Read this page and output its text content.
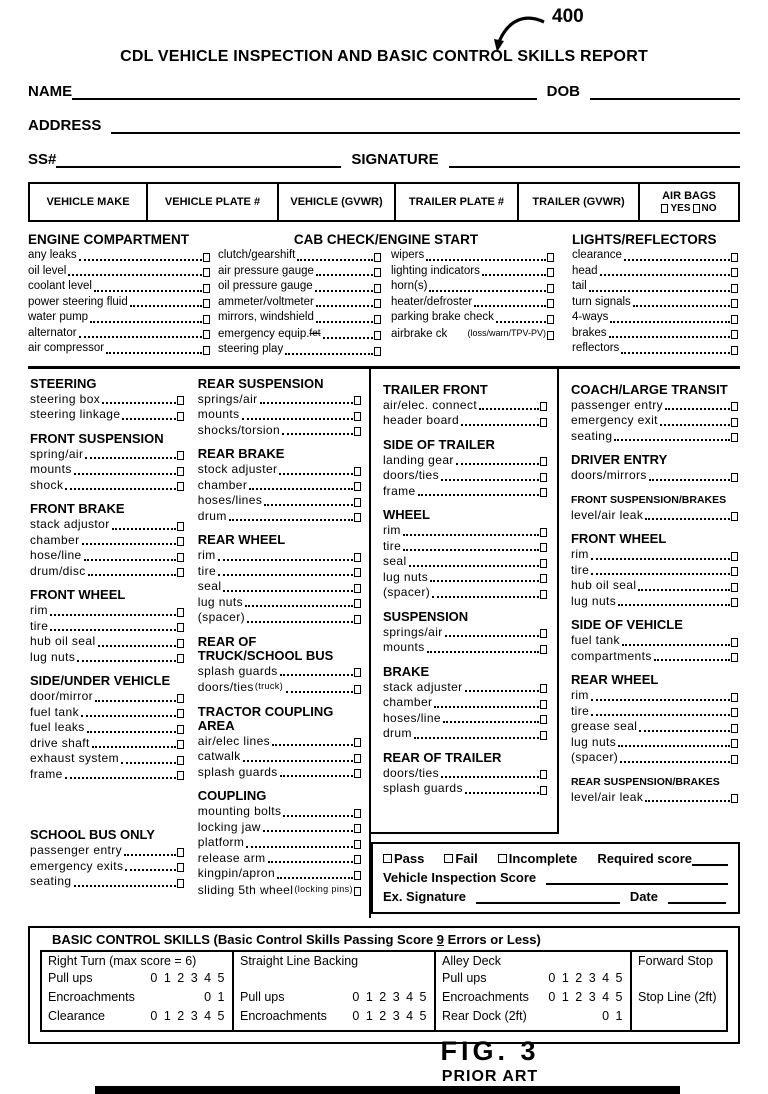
400
CDL VEHICLE INSPECTION AND BASIC CONTROL SKILLS REPORT
NAME	DOB
ADDRESS
SS#	SIGNATURE
VEHICLE MAKE	VEHICLE PLATE #	VEHICLE (GVWR)	TRAILER PLATE #	TRAILER (GVWR)	AIR BAGS
YES NO
ENGINE COMPARTMENT
any leaks
oil level
coolant level
power steering fluid
water pump
alternator
air compressor
CAB CHECK/ENGINE START
clutch/gearshift
air pressure gauge
oil pressure gauge
ammeter/voltmeter
mirrors, windshield
emergency equip. fet
steering play
wipers
lighting indicators
horn(s)
heater/defroster
parking brake check
airbrake ck (loss/warn/TPV-PV)
LIGHTS/REFLECTORS
clearance
head
tail
turn signals
4-ways
brakes
reflectors
STEERING
steering box
steering linkage
FRONT SUSPENSION
spring/air
mounts
shock
FRONT BRAKE
stack adjustor
chamber
hose/line
drum/disc
FRONT WHEEL
rim
tire
hub oil seal
lug nuts
SIDE/UNDER VEHICLE
door/mirror
fuel tank
fuel leaks
drive shaft
exhaust system
frame
SCHOOL BUS ONLY
passenger entry
emergency exits
seating
REAR SUSPENSION
springs/air
mounts
shocks/torsion
REAR BRAKE
stock adjuster
chamber
hoses/lines
drum
REAR WHEEL
rim
tire
seal
lug nuts
(spacer)
REAR OF TRUCK/SCHOOL BUS
splash guards
doors/ties (truck)
TRACTOR COUPLING AREA
air/elec lines
catwalk
splash guards
COUPLING
mounting bolts
locking jaw
platform
release arm
kingpin/apron
sliding 5th wheel (locking pins)
TRAILER FRONT
air/elec. connect
header board
SIDE OF TRAILER
landing gear
doors/ties
frame
WHEEL
rim
tire
seal
lug nuts
(spacer)
SUSPENSION
springs/air
mounts
BRAKE
stack adjuster
chamber
hoses/line
drum
REAR OF TRAILER
doors/ties
splash guards
COACH/LARGE TRANSIT
passenger entry
emergency exit
seating
DRIVER ENTRY
doors/mirrors
FRONT SUSPENSION/BRAKES
level/air leak
FRONT WHEEL
rim
tire
hub oil seal
lug nuts
SIDE OF VEHICLE
fuel tank
compartments
REAR WHEEL
rim
tire
grease seal
lug nuts
(spacer)
REAR SUSPENSION/BRAKES
level/air leak
Pass Fail Incomplete Required score
Vehicle Inspection Score
Ex. Signature	Date
BASIC CONTROL SKILLS (Basic Control Skills Passing Score 9 Errors or Less)
Right Turn (max score = 6)
Pull ups	0 1 2 3 4 5
Encroachments	0 1
Clearance	0 1 2 3 4 5
Straight Line Backing
Pull ups	0 1 2 3 4 5
Encroachments 0 1 2 3 4 5
Alley Deck
Pull ups	0 1 2 3 4 5
Encroachments 0 1 2 3 4 5
Rear Dock (2ft)	0 1
Forward Stop
Stop Line (2ft)
FIG. 3
PRIOR ART
